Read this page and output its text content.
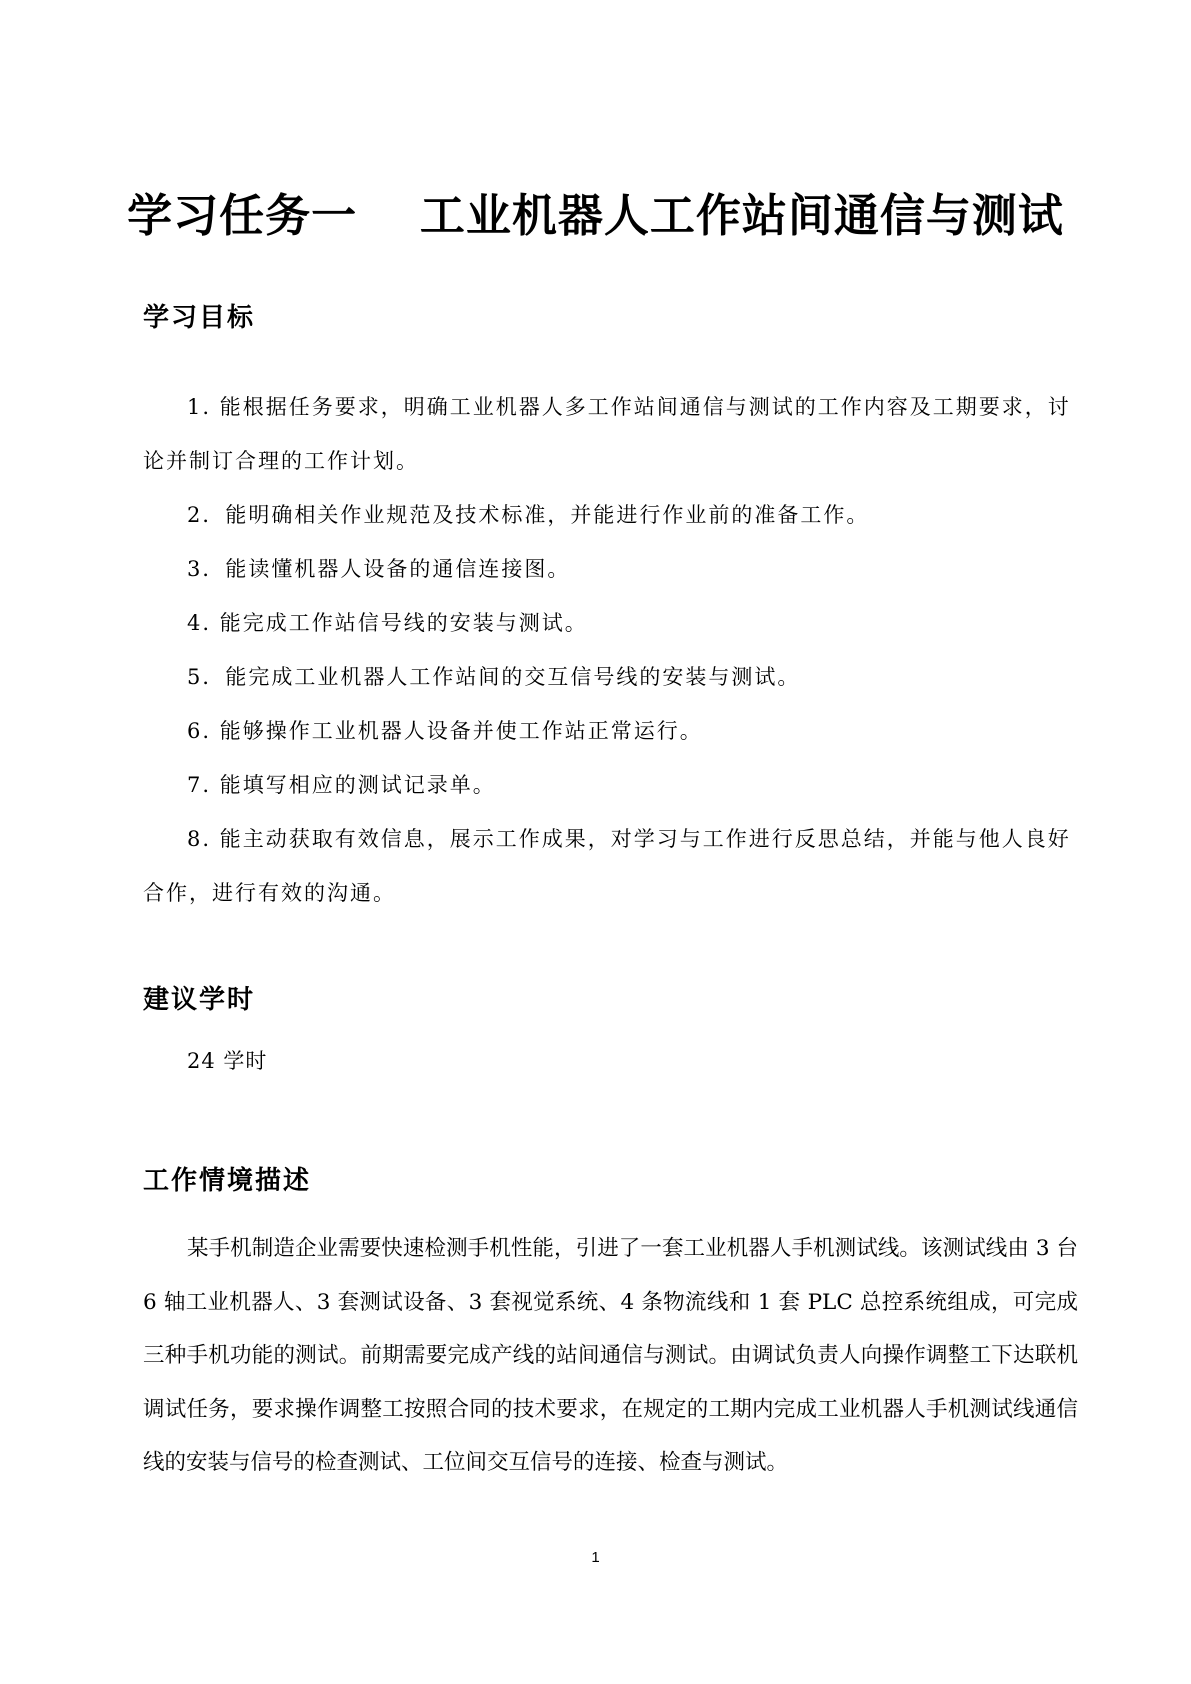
学习任务一　 工业机器人工作站间通信与测试
学习目标
1. 能根据任务要求，明确工业机器人多工作站间通信与测试的工作内容及工期要求，讨论并制订合理的工作计划。
2．能明确相关作业规范及技术标准，并能进行作业前的准备工作。
3．能读懂机器人设备的通信连接图。
4. 能完成工作站信号线的安装与测试。
5．能完成工业机器人工作站间的交互信号线的安装与测试。
6. 能够操作工业机器人设备并使工作站正常运行。
7. 能填写相应的测试记录单。
8. 能主动获取有效信息，展示工作成果，对学习与工作进行反思总结，并能与他人良好合作，进行有效的沟通。
建议学时

24 学时

工作情境描述

某手机制造企业需要快速检测手机性能，引进了一套工业机器人手机测试线。该测试线由 3 台 6 轴工业机器人、3 套测试设备、3 套视觉系统、4 条物流线和 1 套 PLC 总控系统组成，可完成三种手机功能的测试。前期需要完成产线的站间通信与测试。由调试负责人向操作调整工下达联机调试任务，要求操作调整工按照合同的技术要求，在规定的工期内完成工业机器人手机测试线通信线的安装与信号的检查测试、工位间交互信号的连接、检查与测试。

1
